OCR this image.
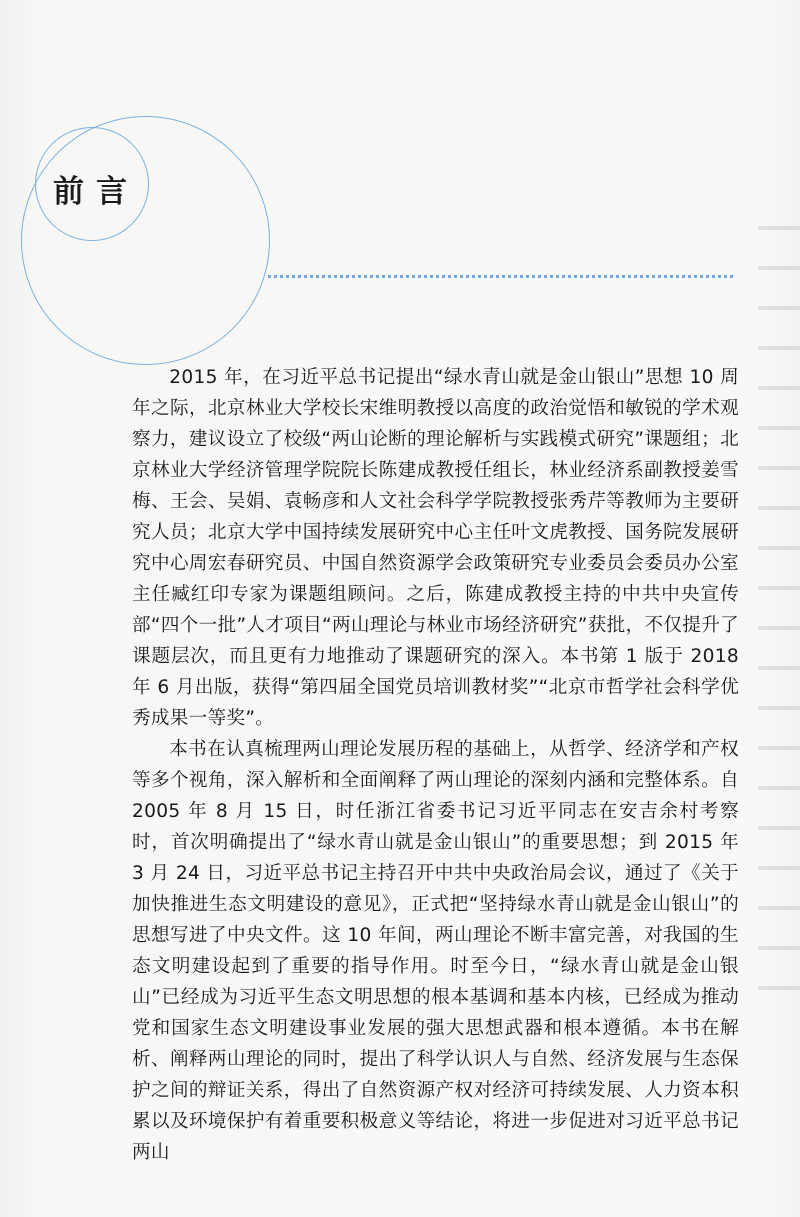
前言

2015 年，在习近平总书记提出“绿水青山就是金山银山”思想 10 周年之际，北京林业大学校长宋维明教授以高度的政治觉悟和敏锐的学术观察力，建议设立了校级“两山论断的理论解析与实践模式研究”课题组；北京林业大学经济管理学院院长陈建成教授任组长，林业经济系副教授姜雪梅、王会、吴娟、袁畅彦和人文社会科学学院教授张秀芹等教师为主要研究人员；北京大学中国持续发展研究中心主任叶文虎教授、国务院发展研究中心周宏春研究员、中国自然资源学会政策研究专业委员会委员办公室主任臧红印专家为课题组顾问。之后，陈建成教授主持的中共中央宣传部“四个一批”人才项目“两山理论与林业市场经济研究”获批，不仅提升了课题层次，而且更有力地推动了课题研究的深入。本书第 1 版于 2018 年 6 月出版，获得“第四届全国党员培训教材奖”“北京市哲学社会科学优秀成果一等奖”。

本书在认真梳理两山理论发展历程的基础上，从哲学、经济学和产权等多个视角，深入解析和全面阐释了两山理论的深刻内涵和完整体系。自 2005 年 8 月 15 日，时任浙江省委书记习近平同志在安吉余村考察时，首次明确提出了“绿水青山就是金山银山”的重要思想；到 2015 年 3 月 24 日，习近平总书记主持召开中共中央政治局会议，通过了《关于加快推进生态文明建设的意见》，正式把“坚持绿水青山就是金山银山”的思想写进了中央文件。这 10 年间，两山理论不断丰富完善，对我国的生态文明建设起到了重要的指导作用。时至今日，“绿水青山就是金山银山”已经成为习近平生态文明思想的根本基调和基本内核，已经成为推动党和国家生态文明建设事业发展的强大思想武器和根本遵循。本书在解析、阐释两山理论的同时，提出了科学认识人与自然、经济发展与生态保护之间的辩证关系，得出了自然资源产权对经济可持续发展、人力资本积累以及环境保护有着重要积极意义等结论，将进一步促进对习近平总书记两山
